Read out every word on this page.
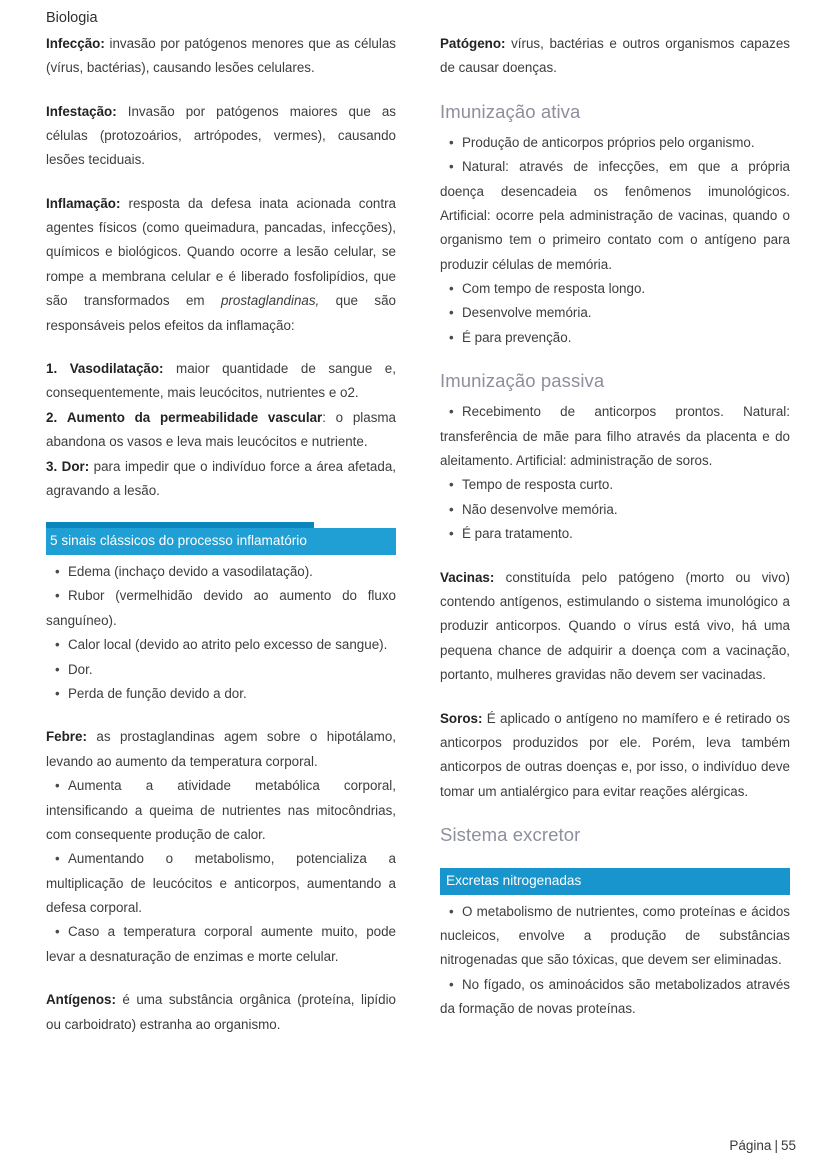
Biologia

Infecção: invasão por patógenos menores que as células (vírus, bactérias), causando lesões celulares.

Infestação: Invasão por patógenos maiores que as células (protozoários, artrópodes, vermes), causando lesões teciduais.

Inflamação: resposta da defesa inata acionada contra agentes físicos (como queimadura, pancadas, infecções), químicos e biológicos. Quando ocorre a lesão celular, se rompe a membrana celular e é liberado fosfolipídios, que são transformados em prostaglandinas, que são responsáveis pelos efeitos da inflamação:

1. Vasodilatação: maior quantidade de sangue e, consequentemente, mais leucócitos, nutrientes e o2.
2. Aumento da permeabilidade vascular: o plasma abandona os vasos e leva mais leucócitos e nutriente.
3. Dor: para impedir que o indivíduo force a área afetada, agravando a lesão.
5 sinais clássicos do processo inflamatório
• Edema (inchaço devido a vasodilatação).
• Rubor (vermelhidão devido ao aumento do fluxo sanguíneo).
• Calor local (devido ao atrito pelo excesso de sangue).
• Dor.
• Perda de função devido a dor.

Febre: as prostaglandinas agem sobre o hipotálamo, levando ao aumento da temperatura corporal.

• Aumenta a atividade metabólica corporal, intensificando a queima de nutrientes nas mitocôndrias, com consequente produção de calor.
• Aumentando o metabolismo, potencializa a multiplicação de leucócitos e anticorpos, aumentando a defesa corporal.
• Caso a temperatura corporal aumente muito, pode levar a desnaturação de enzimas e morte celular.

Antígenos: é uma substância orgânica (proteína, lipídio ou carboidrato) estranha ao organismo.

Patógeno: vírus, bactérias e outros organismos capazes de causar doenças.

Imunização ativa
• Produção de anticorpos próprios pelo organismo.
• Natural: através de infecções, em que a própria doença desencadeia os fenômenos imunológicos. Artificial: ocorre pela administração de vacinas, quando o organismo tem o primeiro contato com o antígeno para produzir células de memória.
• Com tempo de resposta longo.
• Desenvolve memória.
• É para prevenção.
Imunização passiva
• Recebimento de anticorpos prontos. Natural: transferência de mãe para filho através da placenta e do aleitamento. Artificial: administração de soros.
• Tempo de resposta curto.
• Não desenvolve memória.
• É para tratamento.

Vacinas: constituída pelo patógeno (morto ou vivo) contendo antígenos, estimulando o sistema imunológico a produzir anticorpos. Quando o vírus está vivo, há uma pequena chance de adquirir a doença com a vacinação, portanto, mulheres gravidas não devem ser vacinadas.

Soros: É aplicado o antígeno no mamífero e é retirado os anticorpos produzidos por ele. Porém, leva também anticorpos de outras doenças e, por isso, o indivíduo deve tomar um antialérgico para evitar reações alérgicas.

Sistema excretor
Excretas nitrogenadas
• O metabolismo de nutrientes, como proteínas e ácidos nucleicos, envolve a produção de substâncias nitrogenadas que são tóxicas, que devem ser eliminadas.
• No fígado, os aminoácidos são metabolizados através da formação de novas proteínas.
Página | 55
